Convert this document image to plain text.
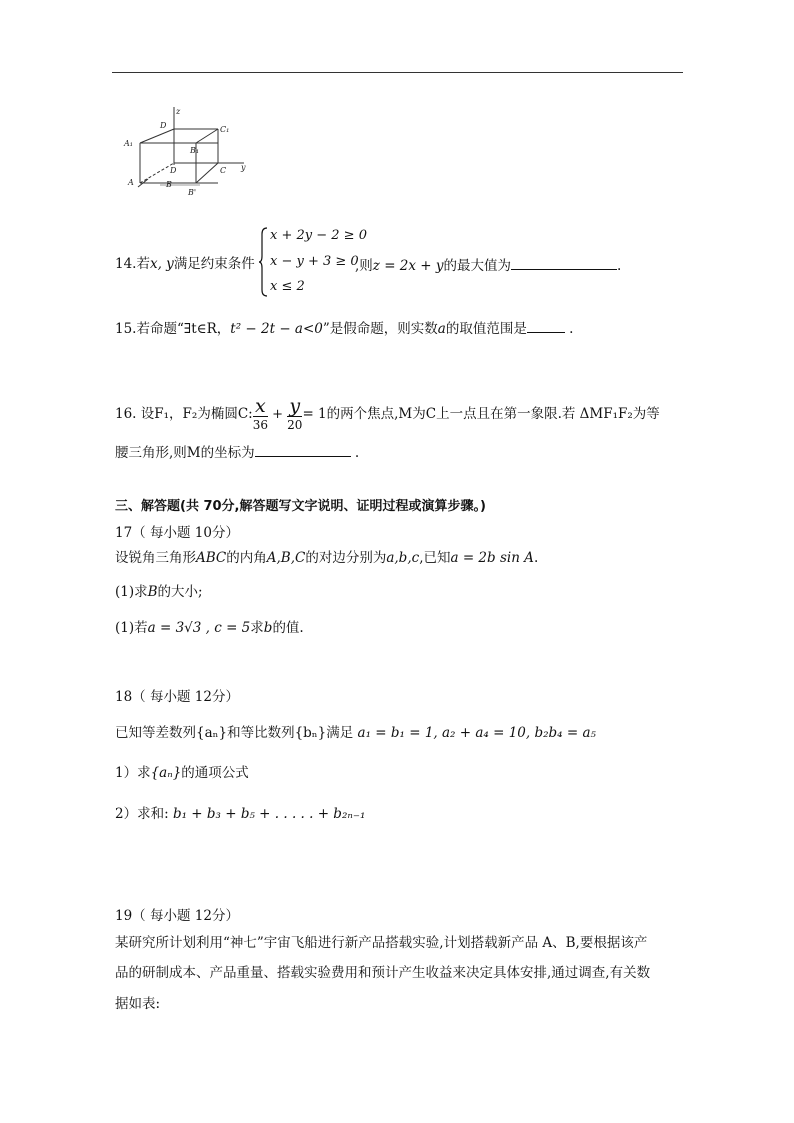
z
y
D	C₁
A₁
B₁
D	C
A	B
B'
14.若x, y满足约束条件
x + 2y − 2 ≥ 0
x − y + 3 ≥ 0
x ≤ 2
,则z = 2x + y的最大值为	.
15.若命题“∃t∈R，t² − 2t − a<0”是假命题，则实数a的取值范围是	.
16. 设F₁，F₂为椭圆C: $\frac{x}{36} + \frac{y}{20} = 1$的两个焦点,M为C上一点且在第一象限.若 ΔMF₁F₂为等
腰三角形,则M的坐标为	.
三、解答题(共 70分,解答题写文字说明、证明过程或演算步骤。)
17（ 每小题 10分）
设锐角三角形ABC的内角A,B,C的对边分别为a,b,c,已知a = 2b sin A.
(1)求B的大小;
(1)若a = 3√3 , c = 5求b的值.
18（ 每小题 12分）
已知等差数列{aₙ}和等比数列{bₙ}满足 a₁ = b₁ = 1, a₂ + a₄ = 10, b₂b₄ = a₅
1）求{aₙ}的通项公式
2）求和: b₁ + b₃ + b₅ + . . . . . + b₂ₙ₋₁
19（ 每小题 12分）
某研究所计划利用“神七”宇宙飞船进行新产品搭载实验,计划搭载新产品 A、B,要根据该产
品的研制成本、产品重量、搭载实验费用和预计产生收益来决定具体安排,通过调查,有关数
据如表:
